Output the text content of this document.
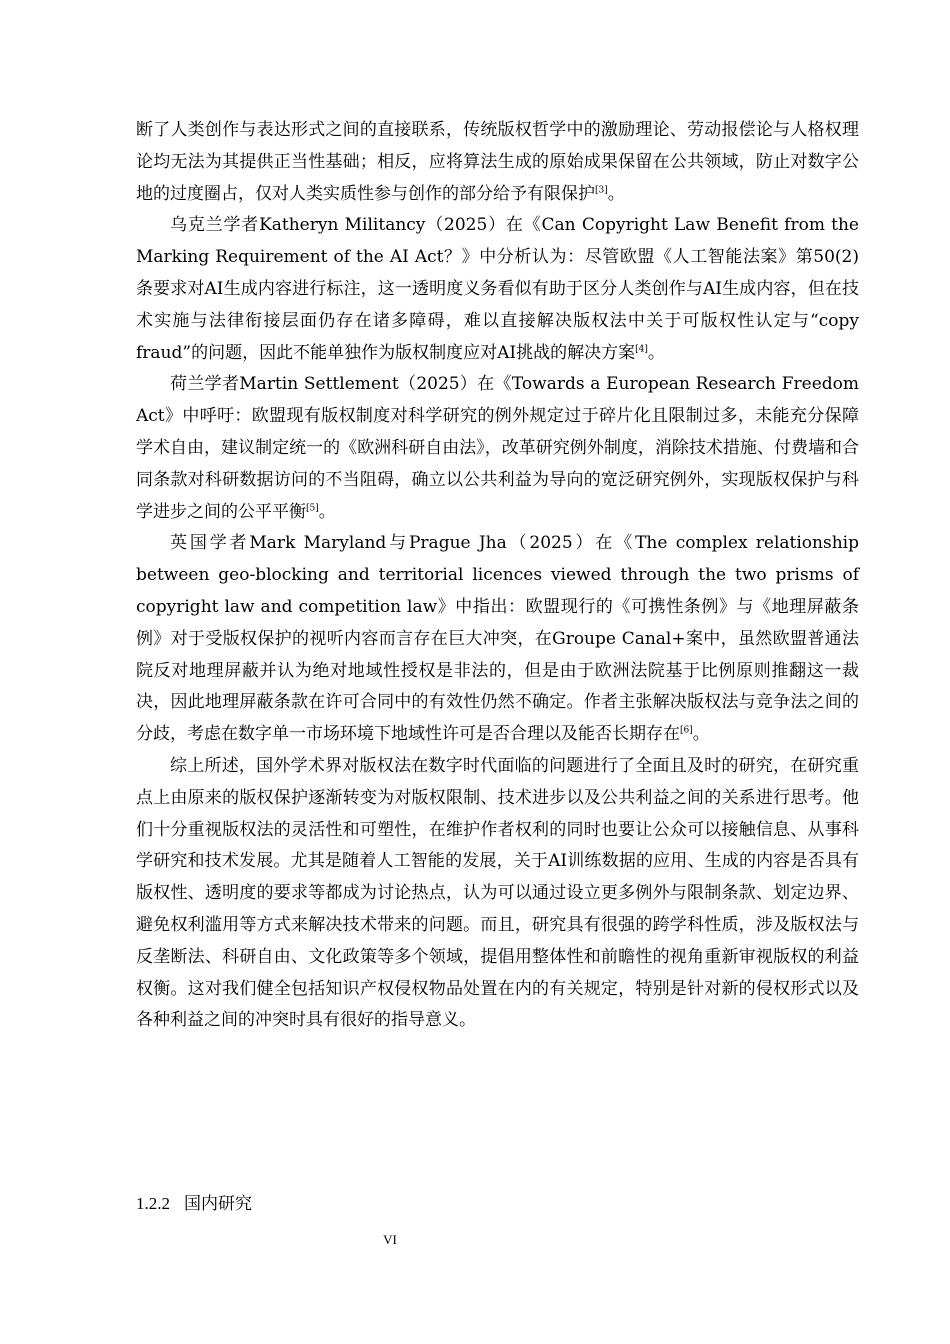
断了人类创作与表达形式之间的直接联系，传统版权哲学中的激励理论、劳动报偿论与人格权理论均无法为其提供正当性基础；相反，应将算法生成的原始成果保留在公共领域，防止对数字公地的过度圈占，仅对人类实质性参与创作的部分给予有限保护[3]。

乌克兰学者Katheryn Militancy（2025）在《Can Copyright Law Benefit from the Marking Requirement of the AI Act？》中分析认为：尽管欧盟《人工智能法案》第50(2)条要求对AI生成内容进行标注，这一透明度义务看似有助于区分人类创作与AI生成内容，但在技术实施与法律衔接层面仍存在诸多障碍，难以直接解决版权法中关于可版权性认定与“copy fraud”的问题，因此不能单独作为版权制度应对AI挑战的解决方案[4]。

荷兰学者Martin Settlement（2025）在《Towards a European Research Freedom Act》中呼吁：欧盟现有版权制度对科学研究的例外规定过于碎片化且限制过多，未能充分保障学术自由，建议制定统一的《欧洲科研自由法》，改革研究例外制度，消除技术措施、付费墙和合同条款对科研数据访问的不当阻碍，确立以公共利益为导向的宽泛研究例外，实现版权保护与科学进步之间的公平平衡[5]。

英国学者Mark Maryland与Prague Jha（2025）在《The complex relationship between geo-blocking and territorial licences viewed through the two prisms of copyright law and competition law》中指出：欧盟现行的《可携性条例》与《地理屏蔽条例》对于受版权保护的视听内容而言存在巨大冲突，在Groupe Canal+案中，虽然欧盟普通法院反对地理屏蔽并认为绝对地域性授权是非法的，但是由于欧洲法院基于比例原则推翻这一裁决，因此地理屏蔽条款在许可合同中的有效性仍然不确定。作者主张解决版权法与竞争法之间的分歧，考虑在数字单一市场环境下地域性许可是否合理以及能否长期存在[6]。

综上所述，国外学术界对版权法在数字时代面临的问题进行了全面且及时的研究，在研究重点上由原来的版权保护逐渐转变为对版权限制、技术进步以及公共利益之间的关系进行思考。他们十分重视版权法的灵活性和可塑性，在维护作者权利的同时也要让公众可以接触信息、从事科学研究和技术发展。尤其是随着人工智能的发展，关于AI训练数据的应用、生成的内容是否具有版权性、透明度的要求等都成为讨论热点，认为可以通过设立更多例外与限制条款、划定边界、避免权利滥用等方式来解决技术带来的问题。而且，研究具有很强的跨学科性质，涉及版权法与反垄断法、科研自由、文化政策等多个领域，提倡用整体性和前瞻性的视角重新审视版权的利益权衡。这对我们健全包括知识产权侵权物品处置在内的有关规定，特别是针对新的侵权形式以及各种利益之间的冲突时具有很好的指导意义。

1.2.2 国内研究
VI
